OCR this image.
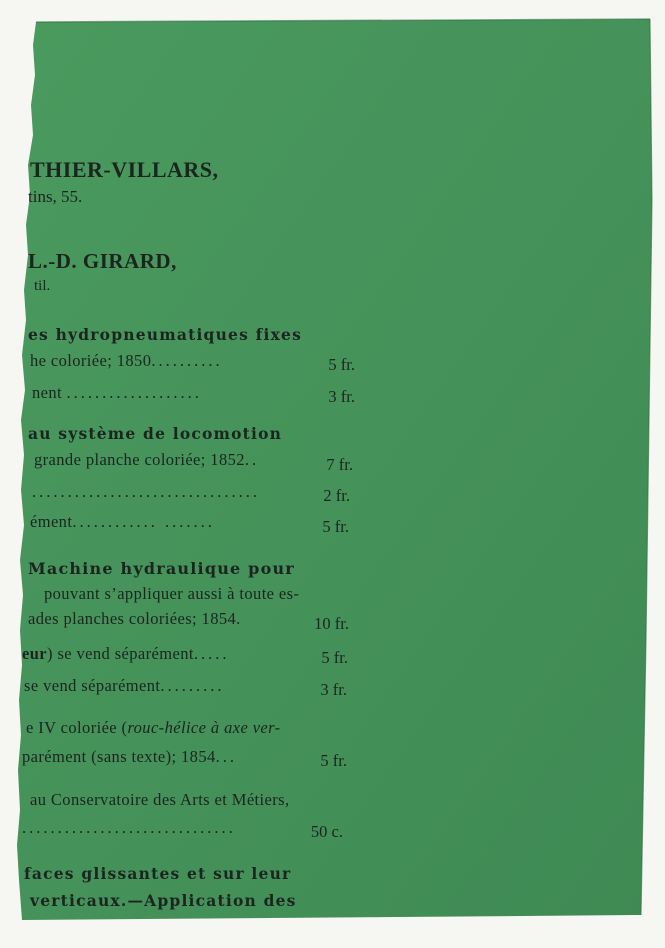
THIER-VILLARS,
tins, 55.
L.-D. GIRARD,
til.
es hydropneumatiques fixes
he coloriée; 1850..........	5 fr.
nent ...................	3 fr.
au système de locomotion
grande planche coloriée; 1852..	7 fr.
................................	2 fr.
ément............ .......	5 fr.
Machine hydraulique pour
pouvant s’appliquer aussi à toute es-
ades planches coloriées; 1854.	10 fr.
eur) se vend séparément.....	5 fr.
se vend séparément.........	3 fr.
e IV coloriée (rouc-hélice à axe ver-
parément (sans texte); 1854...	5 fr.
au Conservatoire des Arts et Métiers,
..............................	50 c.
faces glissantes et sur leur
verticaux.—Application des
